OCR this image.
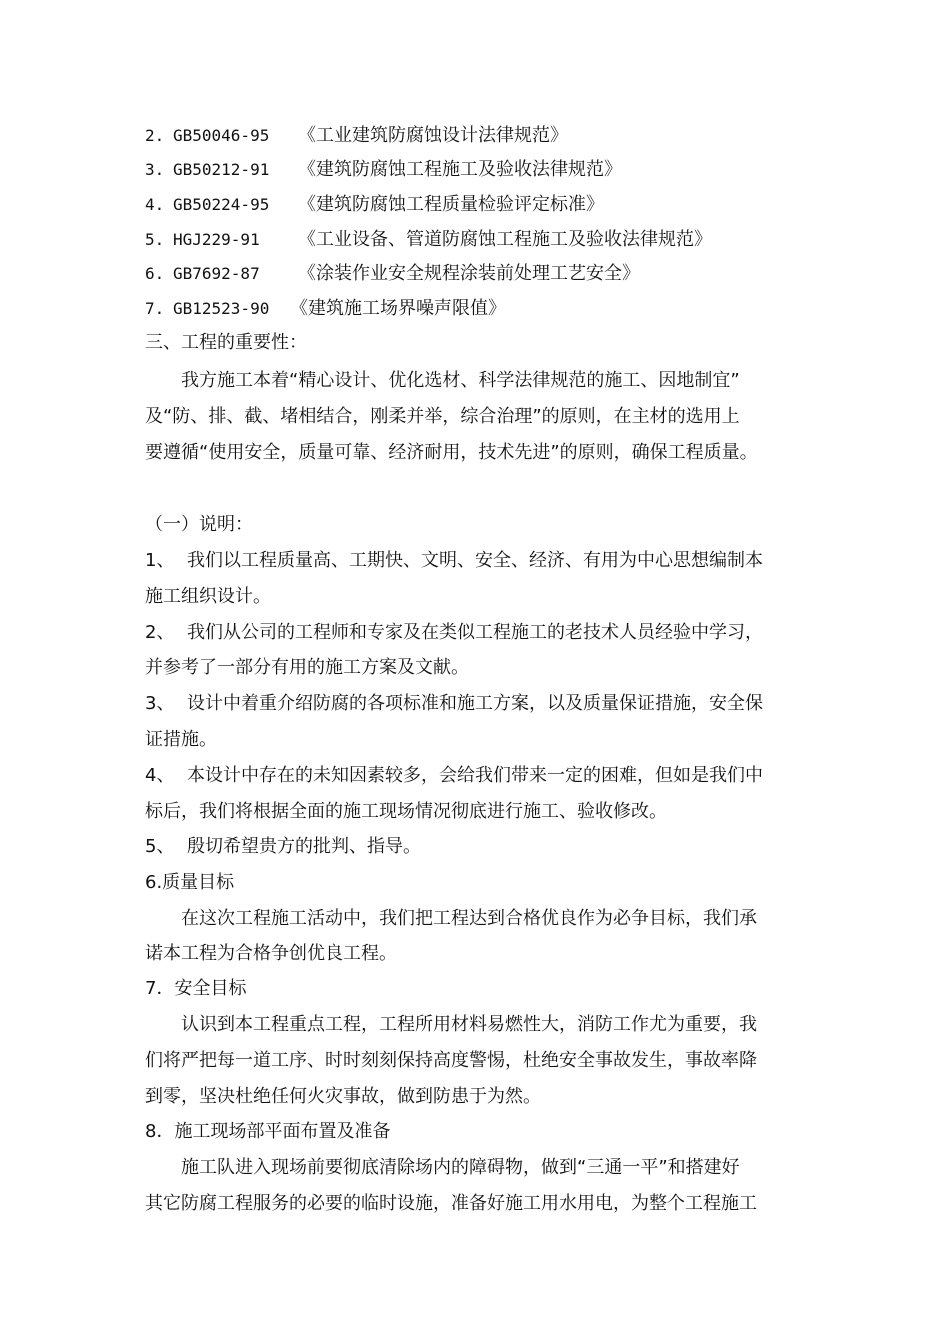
2. GB50046-95	《工业建筑防腐蚀设计法律规范》
3. GB50212-91	《建筑防腐蚀工程施工及验收法律规范》
4. GB50224-95	《建筑防腐蚀工程质量检验评定标准》
5. HGJ229-91	《工业设备、管道防腐蚀工程施工及验收法律规范》
6. GB7692-87	《涂装作业安全规程涂装前处理工艺安全》
7. GB12523-90	《建筑施工场界噪声限值》
三、工程的重要性：
我方施工本着“精心设计、优化选材、科学法律规范的施工、因地制宜”
及“防、排、截、堵相结合，刚柔并举，综合治理”的原则，在主材的选用上
要遵循“使用安全，质量可靠、经济耐用，技术先进”的原则，确保工程质量。
（一）说明：
1、 我们以工程质量高、工期快、文明、安全、经济、有用为中心思想编制本
施工组织设计。
2、 我们从公司的工程师和专家及在类似工程施工的老技术人员经验中学习，
并参考了一部分有用的施工方案及文献。
3、 设计中着重介绍防腐的各项标准和施工方案，以及质量保证措施，安全保
证措施。
4、 本设计中存在的未知因素较多，会给我们带来一定的困难，但如是我们中
标后，我们将根据全面的施工现场情况彻底进行施工、验收修改。
5、 殷切希望贵方的批判、指导。
6.质量目标
在这次工程施工活动中，我们把工程达到合格优良作为必争目标，我们承
诺本工程为合格争创优良工程。
7．安全目标
认识到本工程重点工程，工程所用材料易燃性大，消防工作尤为重要，我
们将严把每一道工序、时时刻刻保持高度警惕，杜绝安全事故发生，事故率降
到零，坚决杜绝任何火灾事故，做到防患于为然。
8．施工现场部平面布置及准备
施工队进入现场前要彻底清除场内的障碍物，做到“三通一平”和搭建好
其它防腐工程服务的必要的临时设施，准备好施工用水用电，为整个工程施工
